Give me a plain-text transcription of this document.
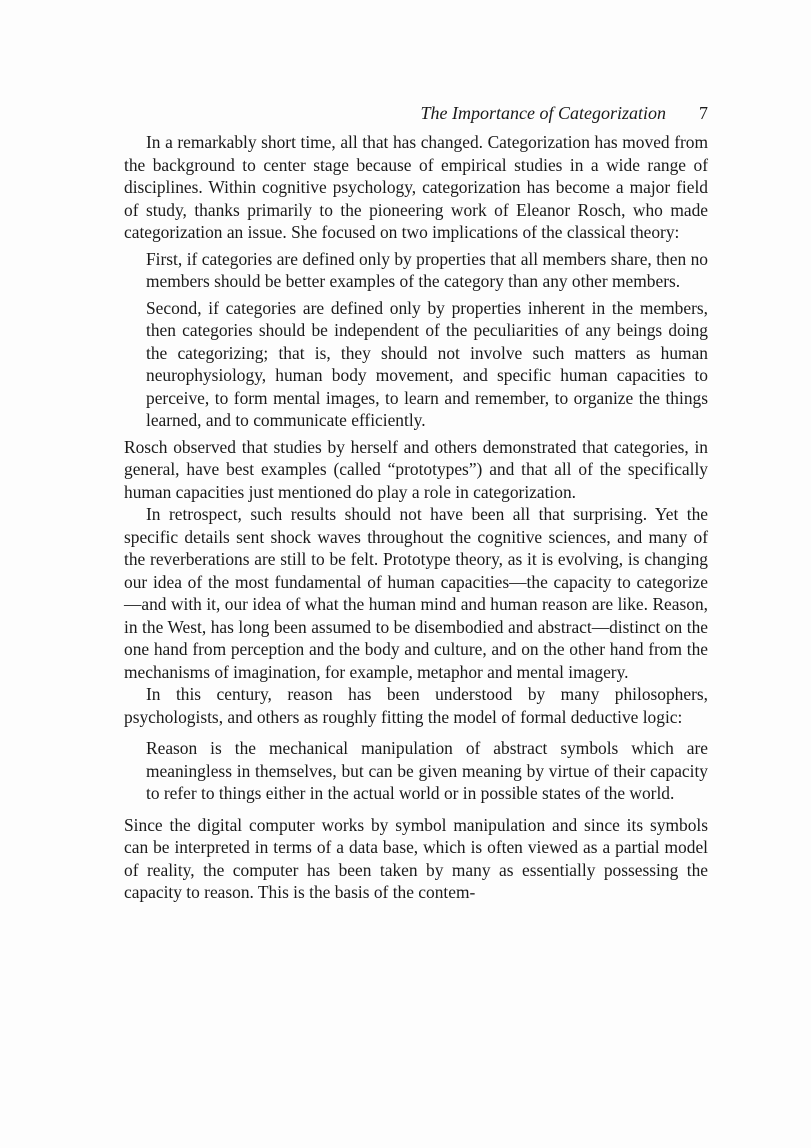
The Importance of Categorization 7

In a remarkably short time, all that has changed. Categorization has moved from the background to center stage because of empirical studies in a wide range of disciplines. Within cognitive psychology, categorization has become a major field of study, thanks primarily to the pioneering work of Eleanor Rosch, who made categorization an issue. She focused on two implications of the classical theory:

First, if categories are defined only by properties that all members share, then no members should be better examples of the category than any other members.

Second, if categories are defined only by properties inherent in the members, then categories should be independent of the peculiarities of any beings doing the categorizing; that is, they should not involve such matters as human neurophysiology, human body movement, and specific human capacities to perceive, to form mental images, to learn and remember, to organize the things learned, and to communicate efficiently.

Rosch observed that studies by herself and others demonstrated that categories, in general, have best examples (called “prototypes”) and that all of the specifically human capacities just mentioned do play a role in categorization.

In retrospect, such results should not have been all that surprising. Yet the specific details sent shock waves throughout the cognitive sciences, and many of the reverberations are still to be felt. Prototype theory, as it is evolving, is changing our idea of the most fundamental of human capacities—the capacity to categorize—and with it, our idea of what the human mind and human reason are like. Reason, in the West, has long been assumed to be disembodied and abstract—distinct on the one hand from perception and the body and culture, and on the other hand from the mechanisms of imagination, for example, metaphor and mental imagery.

In this century, reason has been understood by many philosophers, psychologists, and others as roughly fitting the model of formal deductive logic:

Reason is the mechanical manipulation of abstract symbols which are meaningless in themselves, but can be given meaning by virtue of their capacity to refer to things either in the actual world or in possible states of the world.

Since the digital computer works by symbol manipulation and since its symbols can be interpreted in terms of a data base, which is often viewed as a partial model of reality, the computer has been taken by many as essentially possessing the capacity to reason. This is the basis of the contem-
